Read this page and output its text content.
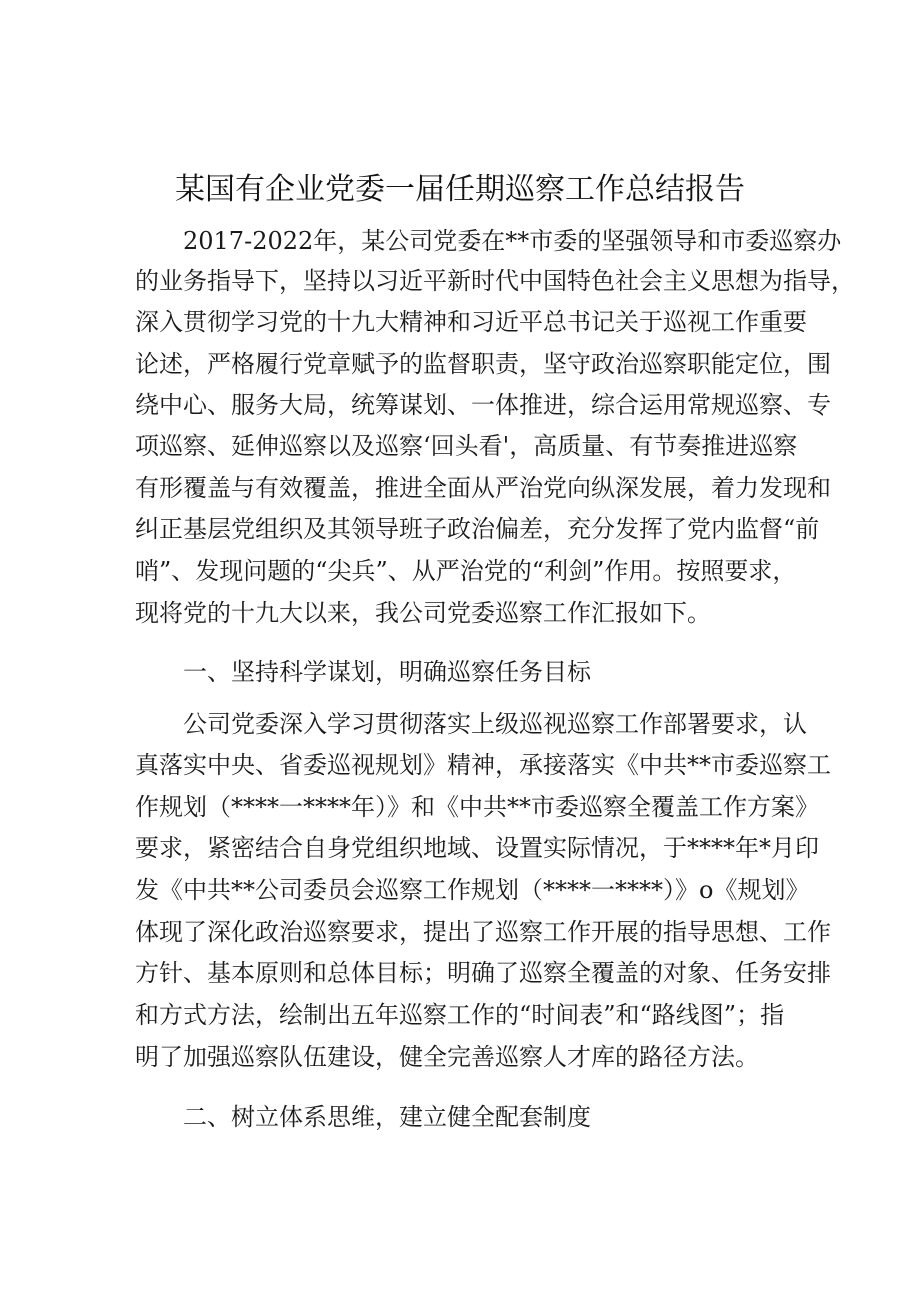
某国有企业党委一届任期巡察工作总结报告
2017-2022年，某公司党委在**市委的坚强领导和市委巡察办
的业务指导下，坚持以习近平新时代中国特色社会主义思想为指导，
深入贯彻学习党的十九大精神和习近平总书记关于巡视工作重要
论述，严格履行党章赋予的监督职责，坚守政治巡察职能定位，围
绕中心、服务大局，统筹谋划、一体推进，综合运用常规巡察、专
项巡察、延伸巡察以及巡察‘回头看'，高质量、有节奏推进巡察
有形覆盖与有效覆盖，推进全面从严治党向纵深发展，着力发现和
纠正基层党组织及其领导班子政治偏差，充分发挥了党内监督“前
哨”、发现问题的“尖兵”、从严治党的“利剑”作用。按照要求，
现将党的十九大以来，我公司党委巡察工作汇报如下。
一、坚持科学谋划，明确巡察任务目标
公司党委深入学习贯彻落实上级巡视巡察工作部署要求，认
真落实中央、省委巡视规划》精神，承接落实《中共**市委巡察工
作规划（****一****年）》和《中共**市委巡察全覆盖工作方案》
要求，紧密结合自身党组织地域、设置实际情况，于****年*月印
发《中共**公司委员会巡察工作规划（****一****）》o《规划》
体现了深化政治巡察要求，提出了巡察工作开展的指导思想、工作
方针、基本原则和总体目标；明确了巡察全覆盖的对象、任务安排
和方式方法，绘制出五年巡察工作的“时间表”和“路线图”；指
明了加强巡察队伍建设，健全完善巡察人才库的路径方法。
二、树立体系思维，建立健全配套制度
